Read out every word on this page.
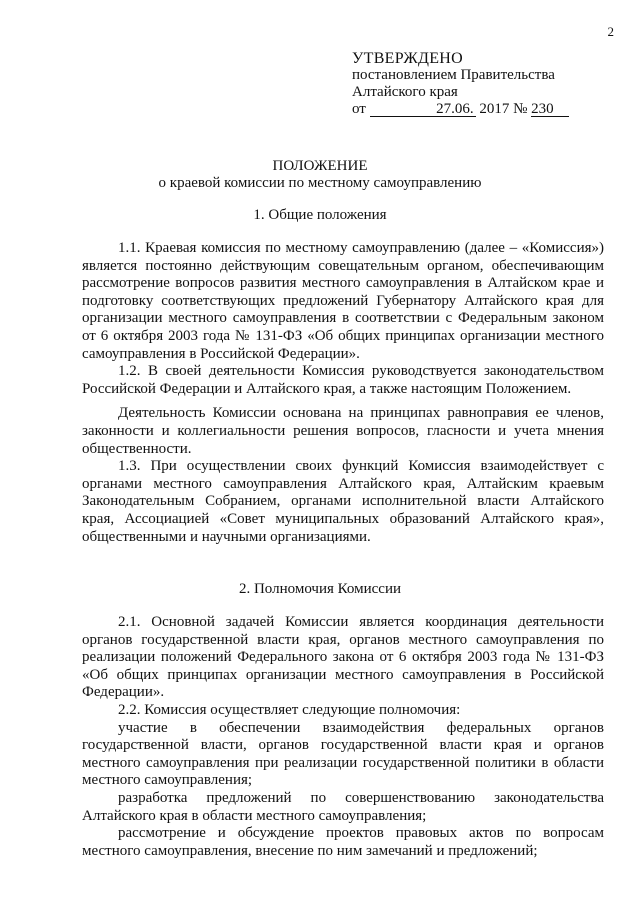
2
УТВЕРЖДЕНО
постановлением Правительства
Алтайского края
от	27.06. 2017 № 230
ПОЛОЖЕНИЕ
о краевой комиссии по местному самоуправлению
1. Общие положения

1.1. Краевая комиссия по местному самоуправлению (далее – «Комиссия») является постоянно действующим совещательным органом, обеспечивающим рассмотрение вопросов развития местного самоуправления в Алтайском крае и подготовку соответствующих предложений Губернатору Алтайского края для организации местного самоуправления в соответствии с Федеральным законом от 6 октября 2003 года № 131-ФЗ «Об общих принципах организации местного самоуправления в Российской Федерации».

1.2. В своей деятельности Комиссия руководствуется законодательством Российской Федерации и Алтайского края, а также настоящим Положением.

Деятельность Комиссии основана на принципах равноправия ее членов, законности и коллегиальности решения вопросов, гласности и учета мнения общественности.

1.3. При осуществлении своих функций Комиссия взаимодействует с органами местного самоуправления Алтайского края, Алтайским краевым Законодательным Собранием, органами исполнительной власти Алтайского края, Ассоциацией «Совет муниципальных образований Алтайского края», общественными и научными организациями.

2. Полномочия Комиссии

2.1. Основной задачей Комиссии является координация деятельности органов государственной власти края, органов местного самоуправления по реализации положений Федерального закона от 6 октября 2003 года № 131-ФЗ «Об общих принципах организации местного самоуправления в Российской Федерации».

2.2. Комиссия осуществляет следующие полномочия:

участие в обеспечении взаимодействия федеральных органов государственной власти, органов государственной власти края и органов местного самоуправления при реализации государственной политики в области местного самоуправления;

разработка предложений по совершенствованию законодательства Алтайского края в области местного самоуправления;

рассмотрение и обсуждение проектов правовых актов по вопросам местного самоуправления, внесение по ним замечаний и предложений;
